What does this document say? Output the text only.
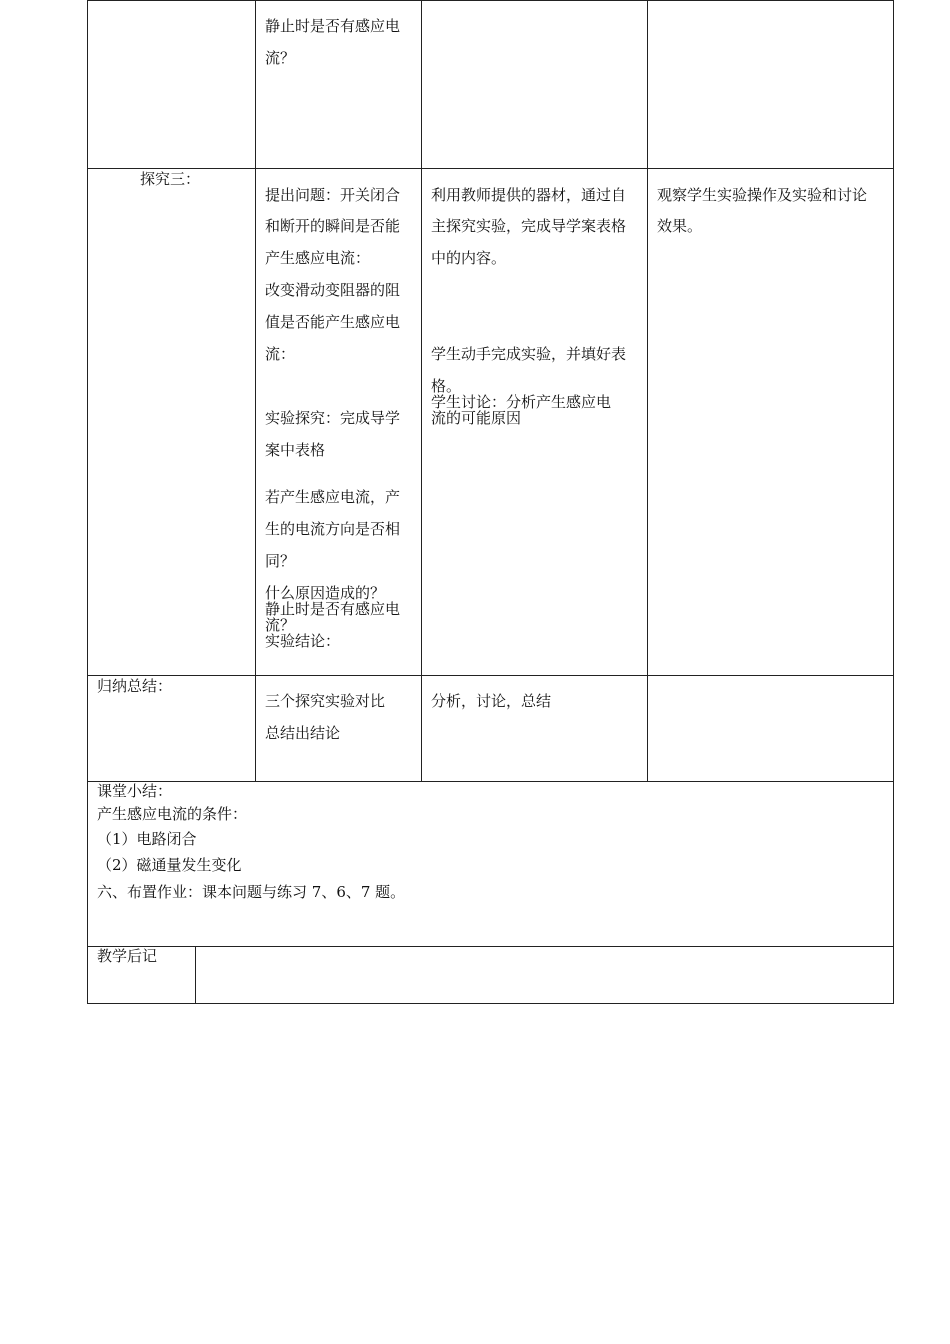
静止时是否有感应电
流？
探究三：
提出问题：开关闭合
和断开的瞬间是否能
产生感应电流：
改变滑动变阻器的阻
值是否能产生感应电
流：
实验探究：完成导学
案中表格
若产生感应电流，产
生的电流方向是否相
同？
什么原因造成的？
静止时是否有感应电
流？
实验结论：
利用教师提供的器材，通过自
主探究实验，完成导学案表格
中的内容。
学生动手完成实验，并填好表
格。
学生讨论：分析产生感应电
流的可能原因
观察学生实验操作及实验和讨论
效果。
归纳总结：
三个探究实验对比
总结出结论
分析，讨论，总结
课堂小结：
产生感应电流的条件：
（1）电路闭合
（2）磁通量发生变化
六、布置作业：课本问题与练习 7、6、7 题。
教学后记
